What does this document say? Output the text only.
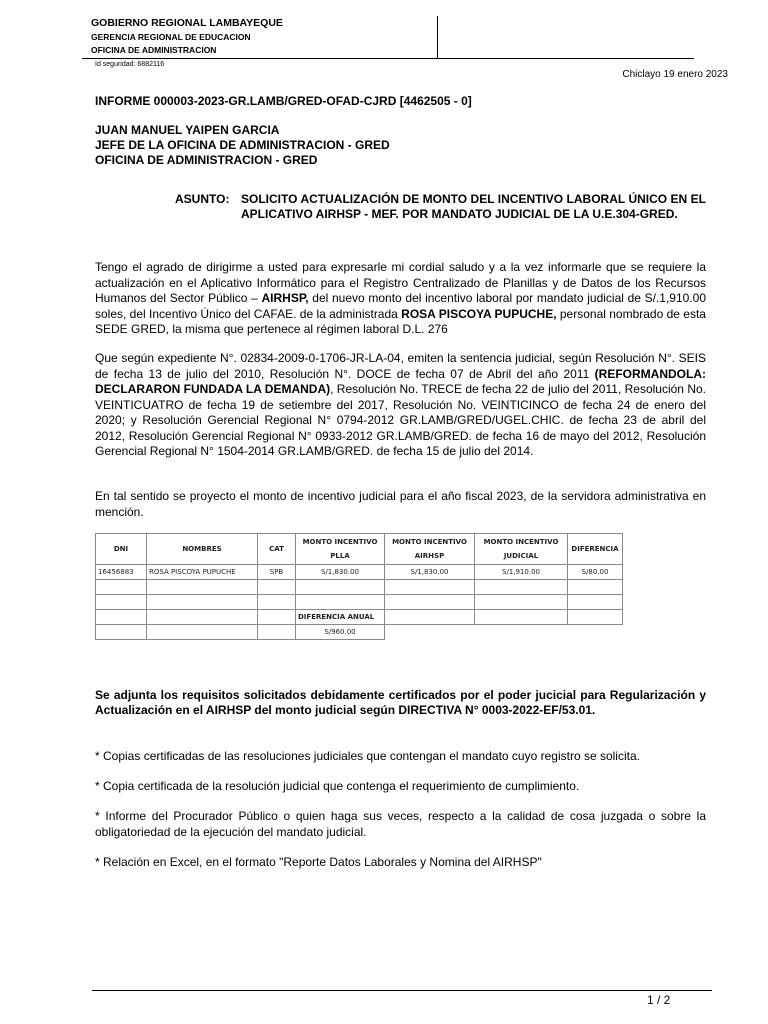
GOBIERNO REGIONAL LAMBAYEQUE
GERENCIA REGIONAL DE EDUCACION
OFICINA DE ADMINISTRACION
Id seguridad: 6882116
Chiclayo 19 enero 2023
INFORME 000003-2023-GR.LAMB/GRED-OFAD-CJRD [4462505 - 0]
JUAN MANUEL YAIPEN GARCIA
JEFE DE LA OFICINA DE ADMINISTRACION - GRED
OFICINA DE ADMINISTRACION - GRED
ASUNTO: SOLICITO ACTUALIZACIÓN DE MONTO DEL INCENTIVO LABORAL ÚNICO EN EL APLICATIVO AIRHSP - MEF. POR MANDATO JUDICIAL DE LA U.E.304-GRED.
Tengo el agrado de dirigirme a usted para expresarle mi cordial saludo y a la vez informarle que se requiere la actualización en el Aplicativo Informático para el Registro Centralizado de Planillas y de Datos de los Recursos Humanos del Sector Público – AIRHSP, del nuevo monto del incentivo laboral por mandato judicial de S/.1,910.00 soles, del Incentivo Único del CAFAE. de la administrada ROSA PISCOYA PUPUCHE, personal nombrado de esta SEDE GRED, la misma que pertenece al régimen laboral D.L. 276
Que según expediente N°. 02834-2009-0-1706-JR-LA-04, emiten la sentencia judicial, según Resolución N°. SEIS de fecha 13 de julio del 2010, Resolución N°. DOCE de fecha 07 de Abril del año 2011 (REFORMANDOLA: DECLARARON FUNDADA LA DEMANDA), Resolución No. TRECE de fecha 22 de julio del 2011, Resolución No. VEINTICUATRO de fecha 19 de setiembre del 2017, Resolución No. VEINTICINCO de fecha 24 de enero del 2020; y Resolución Gerencial Regional N° 0794-2012 GR.LAMB/GRED/UGEL.CHIC. de fecha 23 de abril del 2012, Resolución Gerencial Regional N° 0933-2012 GR.LAMB/GRED. de fecha 16 de mayo del 2012, Resolución Gerencial Regional N° 1504-2014 GR.LAMB/GRED. de fecha 15 de julio del 2014.
En tal sentido se proyecto el monto de incentivo judicial para el año fiscal 2023, de la servidora administrativa en mención.
DNI	NOMBRES	CAT	MONTO INCENTIVO PLLA	MONTO INCENTIVO AIRHSP	MONTO INCENTIVO JUDICIAL	DIFERENCIA
16456883	ROSA PISCOYA PUPUCHE	SPB	S/1,830.00	S/1,830.00	S/1,910.00	S/80.00

			DIFERENCIA ANUAL			
			S/960.00			
Se adjunta los requisitos solicitados debidamente certificados por el poder jucicial para Regularización y Actualización en el AIRHSP del monto judicial según DIRECTIVA N° 0003-2022-EF/53.01.
* Copias certificadas de las resoluciones judiciales que contengan el mandato cuyo registro se solicita.
* Copia certificada de la resolución judicial que contenga el requerimiento de cumplimiento.
* Informe del Procurador Público o quien haga sus veces, respecto a la calidad de cosa juzgada o sobre la obligatoriedad de la ejecución del mandato judicial.
* Relación en Excel, en el formato "Reporte Datos Laborales y Nomina del AIRHSP"
1 / 2
